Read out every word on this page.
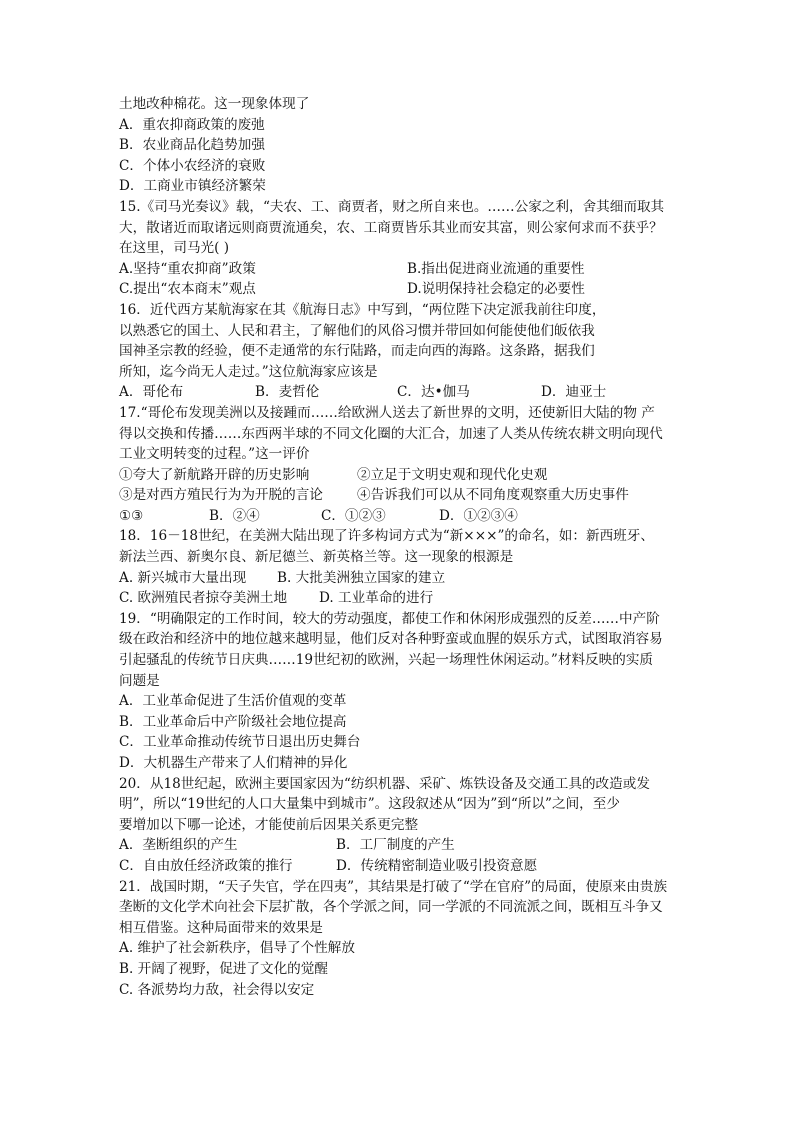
土地改种棉花。这一现象体现了
A．重农抑商政策的废弛
B．农业商品化趋势加强
C．个体小农经济的衰败
D．工商业市镇经济繁荣
15.《司马光奏议》载，“夫农、工、商贾者，财之所自来也。……公家之利，舍其细而取其
大，散诸近而取诸远则商贾流通矣，农、工商贾皆乐其业而安其富，则公家何求而不获乎？
在这里，司马光( )
A.坚持“重农抑商”政策	B.指出促进商业流通的重要性
C.提出“农本商末”观点	D.说明保持社会稳定的必要性
16．近代西方某航海家在其《航海日志》中写到，“两位陛下决定派我前往印度，
以熟悉它的国土、人民和君主，了解他们的风俗习惯并带回如何能使他们皈依我
国神圣宗教的经验，便不走通常的东行陆路，而走向西的海路。这条路，据我们
所知，迄今尚无人走过。”这位航海家应该是
A．哥伦布	B．麦哲伦	C．达•伽马	D．迪亚士
17.“哥伦布发现美洲以及接踵而……给欧洲人送去了新世界的文明，还使新旧大陆的物 产
得以交换和传播……东西两半球的不同文化圈的大汇合，加速了人类从传统农耕文明向现代
工业文明转变的过程。”这一评价
①夸大了新航路开辟的历史影响	②立足于文明史观和现代化史观
③是对西方殖民行为为开脱的言论	④告诉我们可以从不同角度观察重大历史事件
①③	B．②④	C．①②③	D．①②③④
18．16－18世纪，在美洲大陆出现了许多构词方式为“新×××”的命名，如：新西班牙、
新法兰西、新奥尔良、新尼德兰、新英格兰等。这一现象的根源是
A. 新兴城市大量出现	B. 大批美洲独立国家的建立
C. 欧洲殖民者掠夺美洲土地	D. 工业革命的进行
19．“明确限定的工作时间，较大的劳动强度，都使工作和休闲形成强烈的反差……中产阶
级在政治和经济中的地位越来越明显，他们反对各种野蛮或血腥的娱乐方式，试图取消容易
引起骚乱的传统节日庆典……19世纪初的欧洲，兴起一场理性休闲运动。”材料反映的实质
问题是
A．工业革命促进了生活价值观的变革
B．工业革命后中产阶级社会地位提高
C．工业革命推动传统节日退出历史舞台
D．大机器生产带来了人们精神的异化
20．从18世纪起，欧洲主要国家因为“纺织机器、采矿、炼铁设备及交通工具的改造或发
明”，所以“19世纪的人口大量集中到城市”。这段叙述从“因为”到“所以”之间，至少
要增加以下哪一论述，才能使前后因果关系更完整
A．垄断组织的产生	B．工厂制度的产生
C．自由放任经济政策的推行	D．传统精密制造业吸引投资意愿
21．战国时期，“天子失官，学在四夷”，其结果是打破了“学在官府”的局面，使原来由贵族
垄断的文化学术向社会下层扩散，各个学派之间，同一学派的不同流派之间，既相互斗争又
相互借鉴。这种局面带来的效果是
A. 维护了社会新秩序，倡导了个性解放
B. 开阔了视野，促进了文化的觉醒
C. 各派势均力敌，社会得以安定
